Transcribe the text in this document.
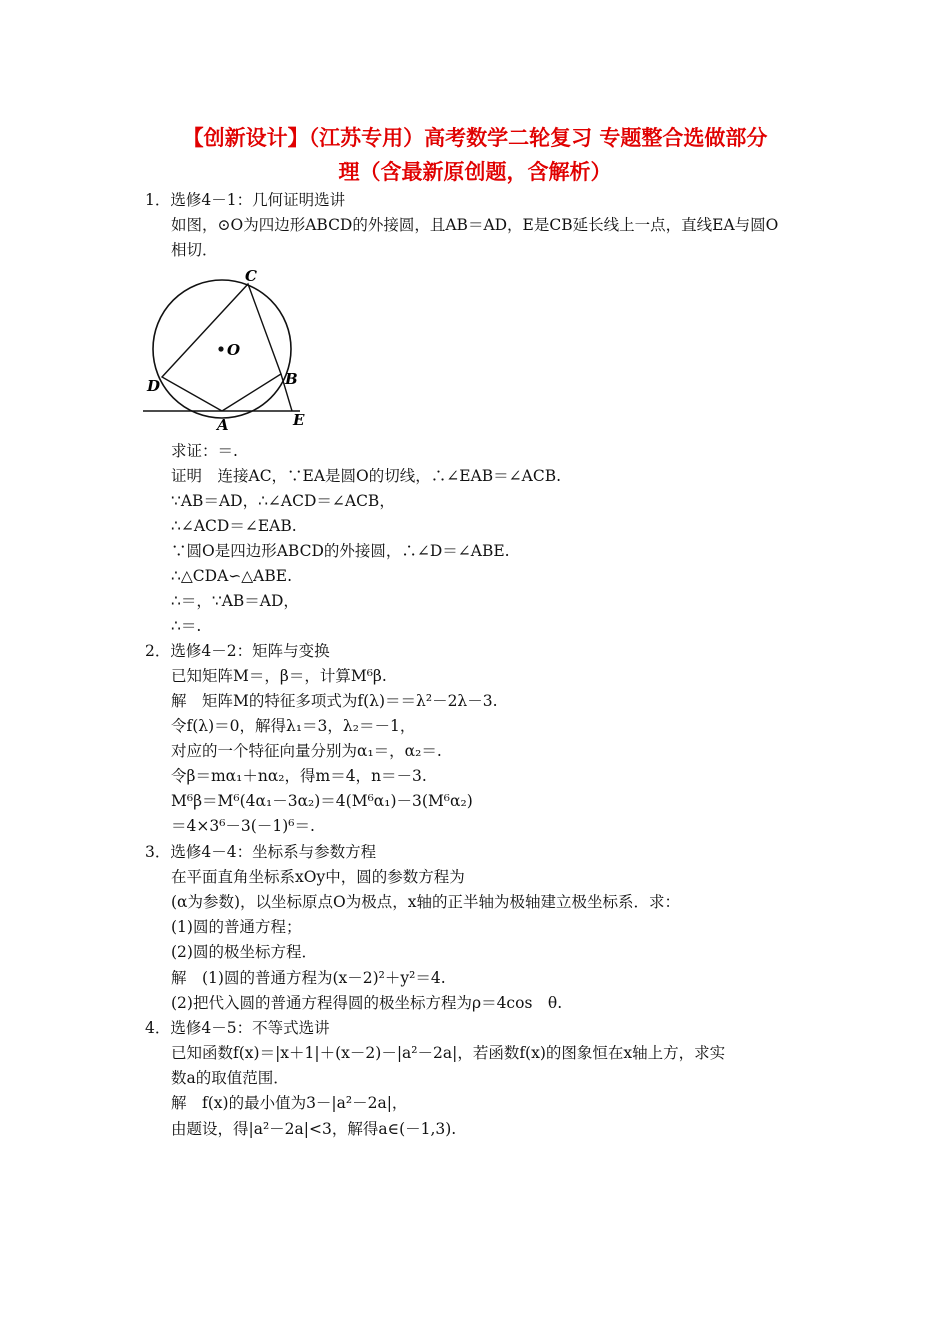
【创新设计】（江苏专用）高考数学二轮复习 专题整合选做部分
理（含最新原创题，含解析）
1．选修4－1：几何证明选讲
如图，⊙O为四边形ABCD的外接圆，且AB＝AD，E是CB延长线上一点，直线EA与圆O
相切．
C
O
D	B
A	E
求证：＝.
证明　连接AC，∵EA是圆O的切线，∴∠EAB＝∠ACB.
∵AB＝AD，∴∠ACD＝∠ACB，
∴∠ACD＝∠EAB.
∵圆O是四边形ABCD的外接圆，∴∠D＝∠ABE.
∴△CDA∽△ABE.
∴＝，∵AB＝AD，
∴＝.
2．选修4－2：矩阵与变换
已知矩阵M＝，β＝，计算M⁶β.
解　矩阵M的特征多项式为f(λ)＝＝λ²－2λ－3.
令f(λ)＝0，解得λ₁＝3，λ₂＝－1，
对应的一个特征向量分别为α₁＝，α₂＝.
令β＝mα₁＋nα₂，得m＝4，n＝－3.
M⁶β＝M⁶(4α₁－3α₂)＝4(M⁶α₁)－3(M⁶α₂)
＝4×3⁶－3(－1)⁶＝.
3．选修4－4：坐标系与参数方程
在平面直角坐标系xOy中，圆的参数方程为
(α为参数)，以坐标原点O为极点，x轴的正半轴为极轴建立极坐标系．求：
(1)圆的普通方程；
(2)圆的极坐标方程．
解　(1)圆的普通方程为(x－2)²＋y²＝4.
(2)把代入圆的普通方程得圆的极坐标方程为ρ＝4cos　θ.
4．选修4－5：不等式选讲
已知函数f(x)＝|x＋1|＋(x－2)－|a²－2a|，若函数f(x)的图象恒在x轴上方，求实
数a的取值范围．
解　f(x)的最小值为3－|a²－2a|，
由题设，得|a²－2a|<3，解得a∈(－1,3).
